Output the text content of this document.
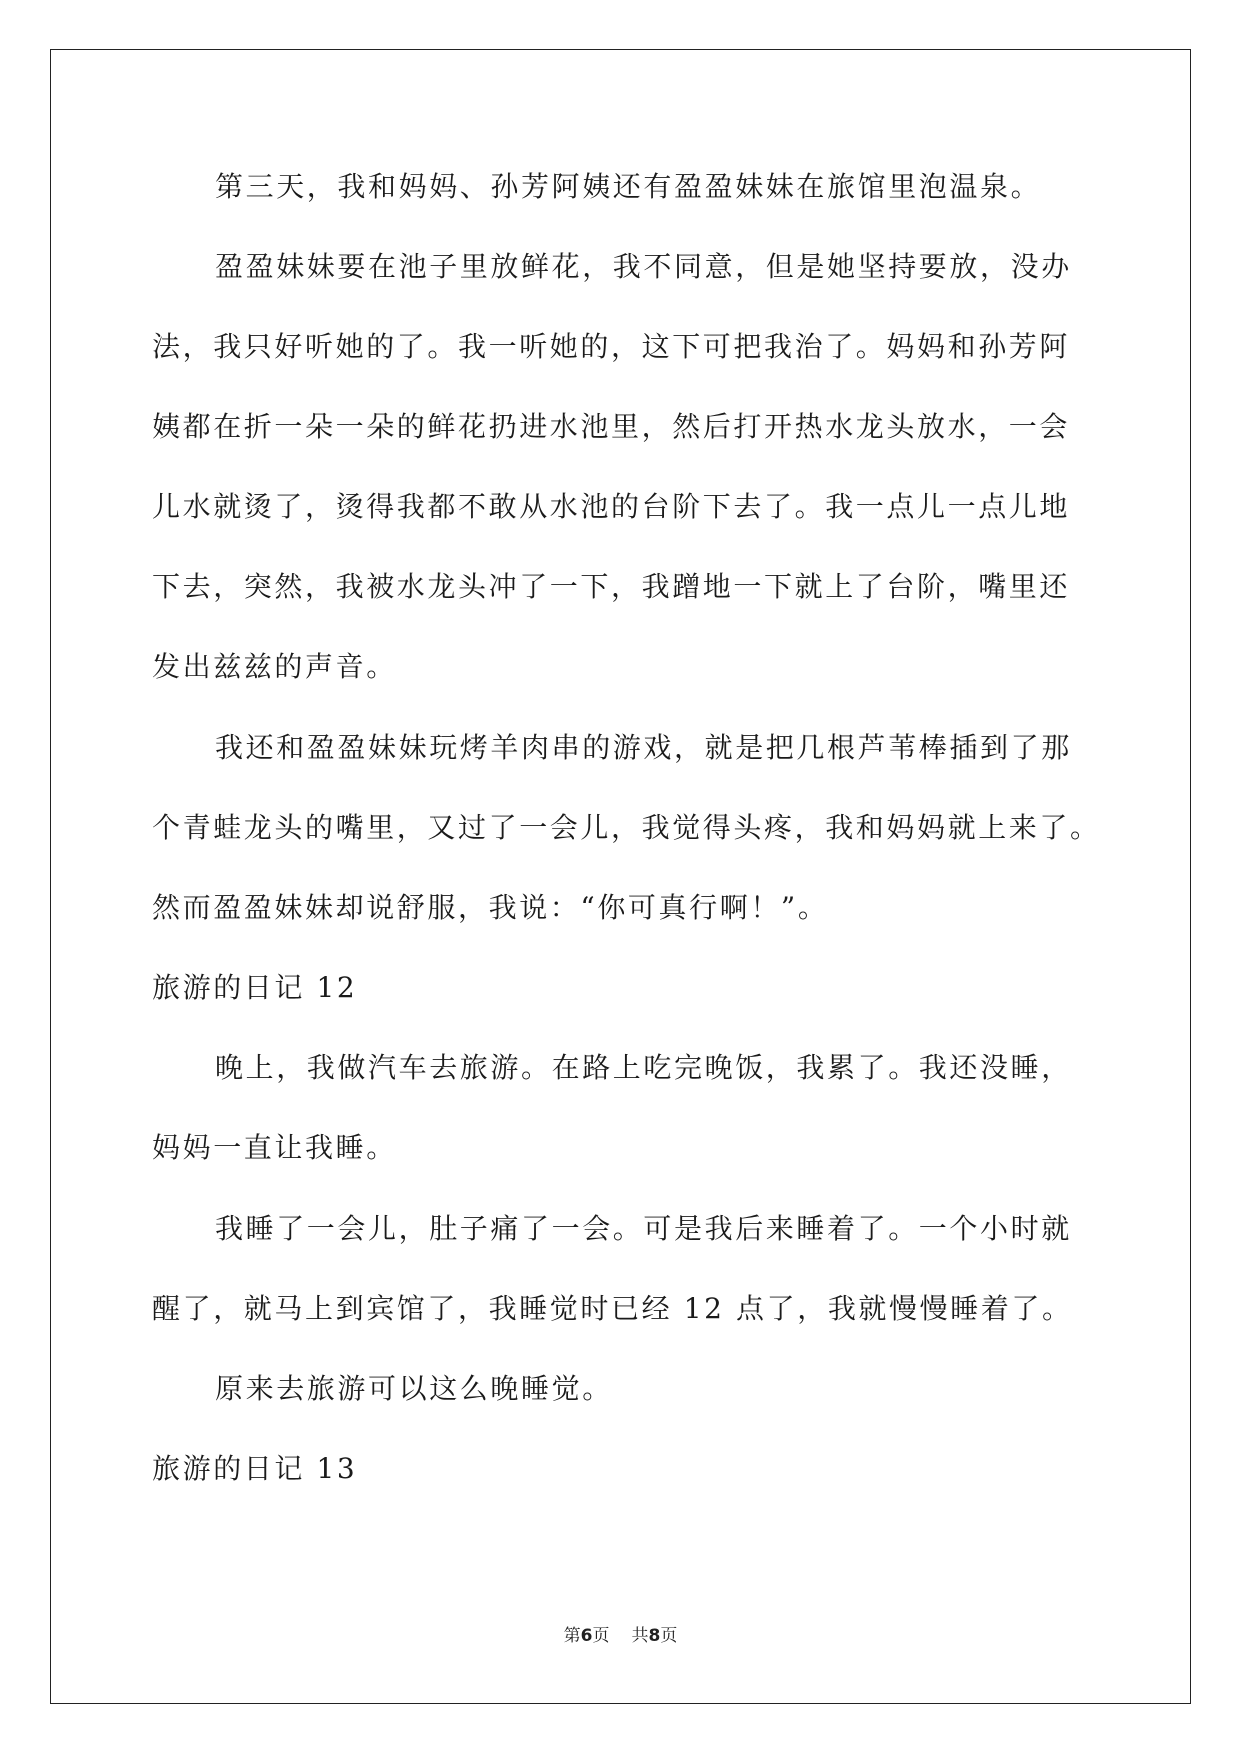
第三天，我和妈妈、孙芳阿姨还有盈盈妹妹在旅馆里泡温泉。
盈盈妹妹要在池子里放鲜花，我不同意，但是她坚持要放，没办
法，我只好听她的了。我一听她的，这下可把我治了。妈妈和孙芳阿
姨都在折一朵一朵的鲜花扔进水池里，然后打开热水龙头放水，一会
儿水就烫了，烫得我都不敢从水池的台阶下去了。我一点儿一点儿地
下去，突然，我被水龙头冲了一下，我蹭地一下就上了台阶，嘴里还
发出兹兹的声音。
我还和盈盈妹妹玩烤羊肉串的游戏，就是把几根芦苇棒插到了那
个青蛙龙头的嘴里，又过了一会儿，我觉得头疼，我和妈妈就上来了。
然而盈盈妹妹却说舒服，我说：“你可真行啊！”。
旅游的日记 12
晚上，我做汽车去旅游。在路上吃完晚饭，我累了。我还没睡，
妈妈一直让我睡。
我睡了一会儿，肚子痛了一会。可是我后来睡着了。一个小时就
醒了，就马上到宾馆了，我睡觉时已经 12 点了，我就慢慢睡着了。
原来去旅游可以这么晚睡觉。
旅游的日记 13
第6页 共8页
